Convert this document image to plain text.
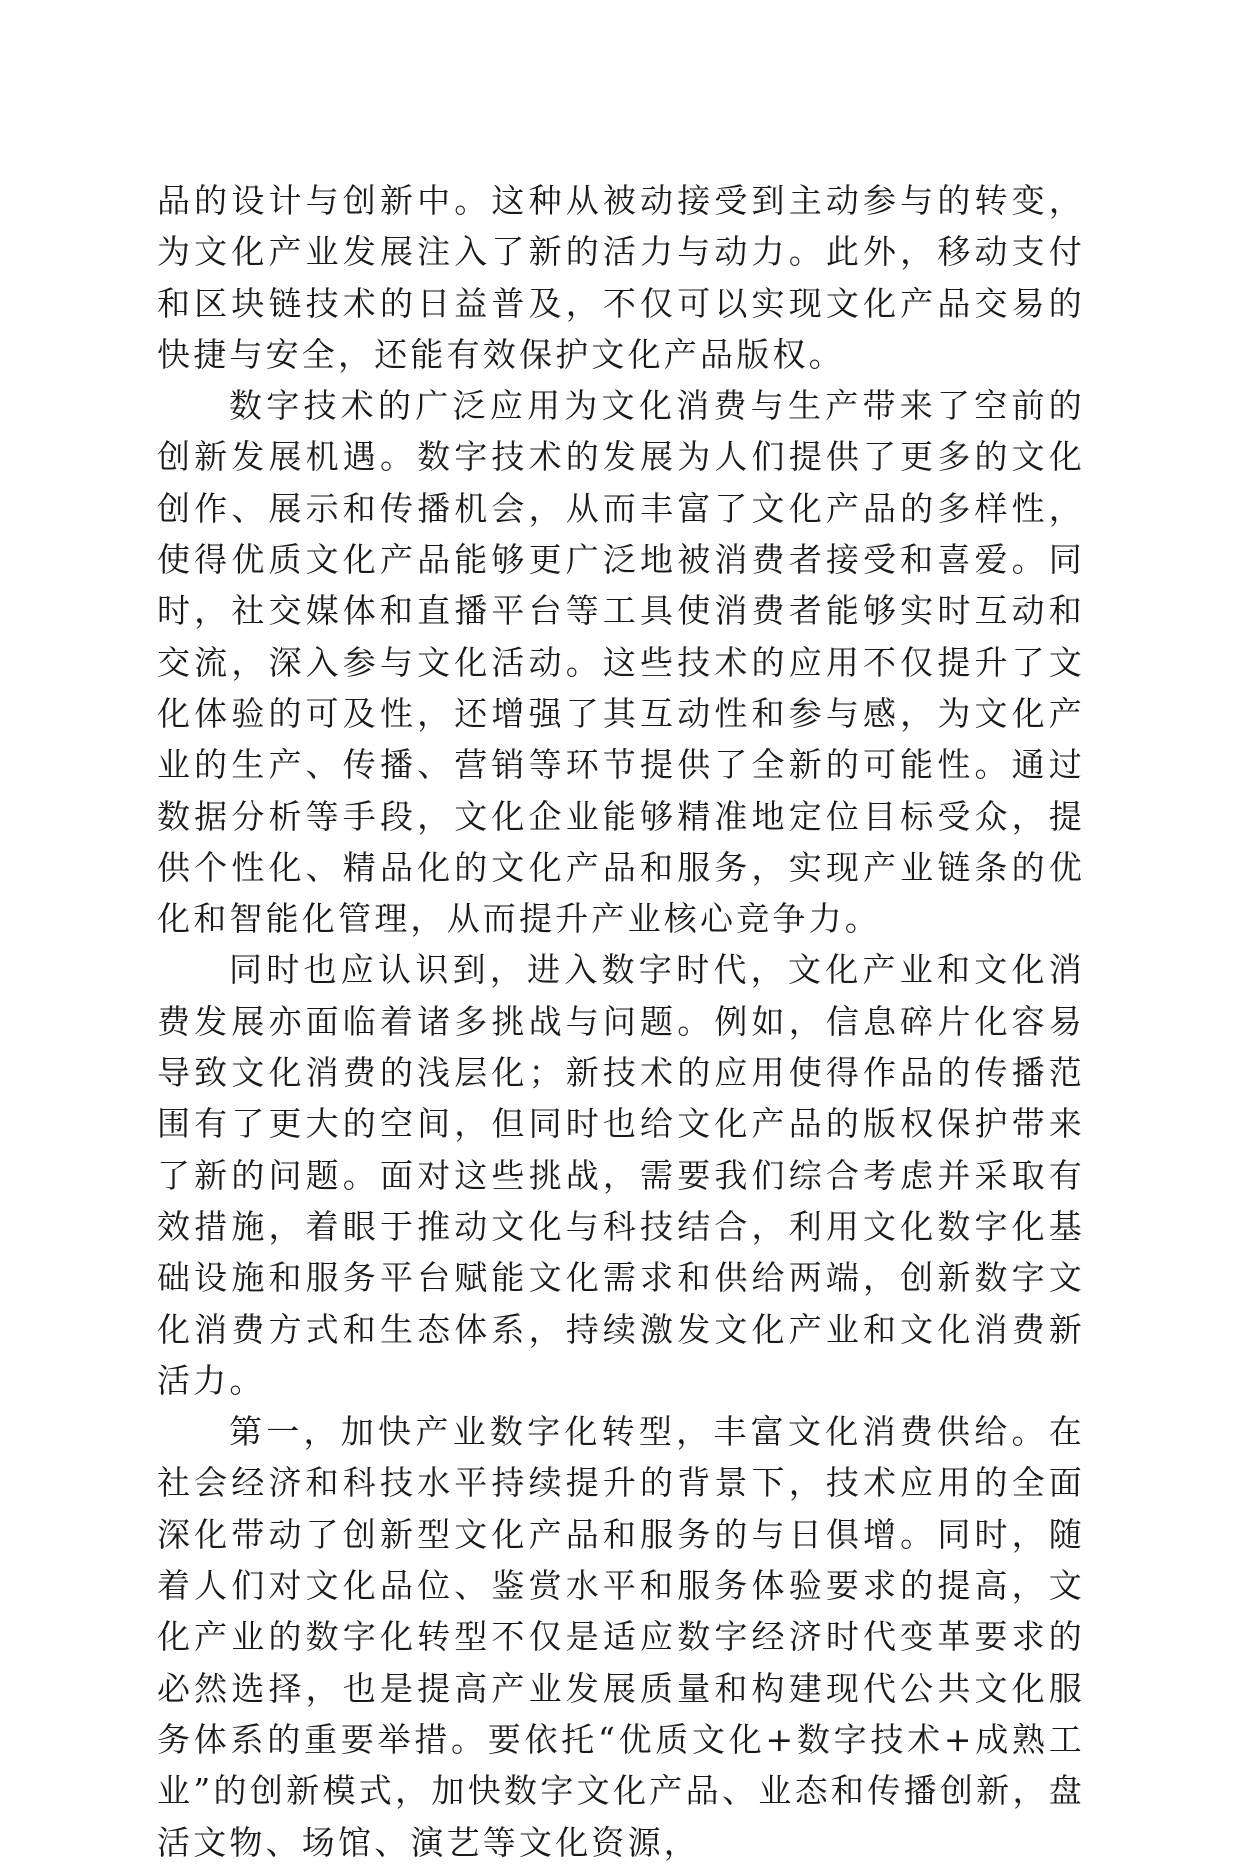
品的设计与创新中。这种从被动接受到主动参与的转变，为文化产业发展注入了新的活力与动力。此外，移动支付和区块链技术的日益普及，不仅可以实现文化产品交易的快捷与安全，还能有效保护文化产品版权。

数字技术的广泛应用为文化消费与生产带来了空前的创新发展机遇。数字技术的发展为人们提供了更多的文化创作、展示和传播机会，从而丰富了文化产品的多样性，使得优质文化产品能够更广泛地被消费者接受和喜爱。同时，社交媒体和直播平台等工具使消费者能够实时互动和交流，深入参与文化活动。这些技术的应用不仅提升了文化体验的可及性，还增强了其互动性和参与感，为文化产业的生产、传播、营销等环节提供了全新的可能性。通过数据分析等手段，文化企业能够精准地定位目标受众，提供个性化、精品化的文化产品和服务，实现产业链条的优化和智能化管理，从而提升产业核心竞争力。

同时也应认识到，进入数字时代，文化产业和文化消费发展亦面临着诸多挑战与问题。例如，信息碎片化容易导致文化消费的浅层化；新技术的应用使得作品的传播范围有了更大的空间，但同时也给文化产品的版权保护带来了新的问题。面对这些挑战，需要我们综合考虑并采取有效措施，着眼于推动文化与科技结合，利用文化数字化基础设施和服务平台赋能文化需求和供给两端，创新数字文化消费方式和生态体系，持续激发文化产业和文化消费新活力。

第一，加快产业数字化转型，丰富文化消费供给。在社会经济和科技水平持续提升的背景下，技术应用的全面深化带动了创新型文化产品和服务的与日俱增。同时，随着人们对文化品位、鉴赏水平和服务体验要求的提高，文化产业的数字化转型不仅是适应数字经济时代变革要求的必然选择，也是提高产业发展质量和构建现代公共文化服务体系的重要举措。要依托“优质文化+数字技术+成熟工业”的创新模式，加快数字文化产品、业态和传播创新，盘活文物、场馆、演艺等文化资源，
